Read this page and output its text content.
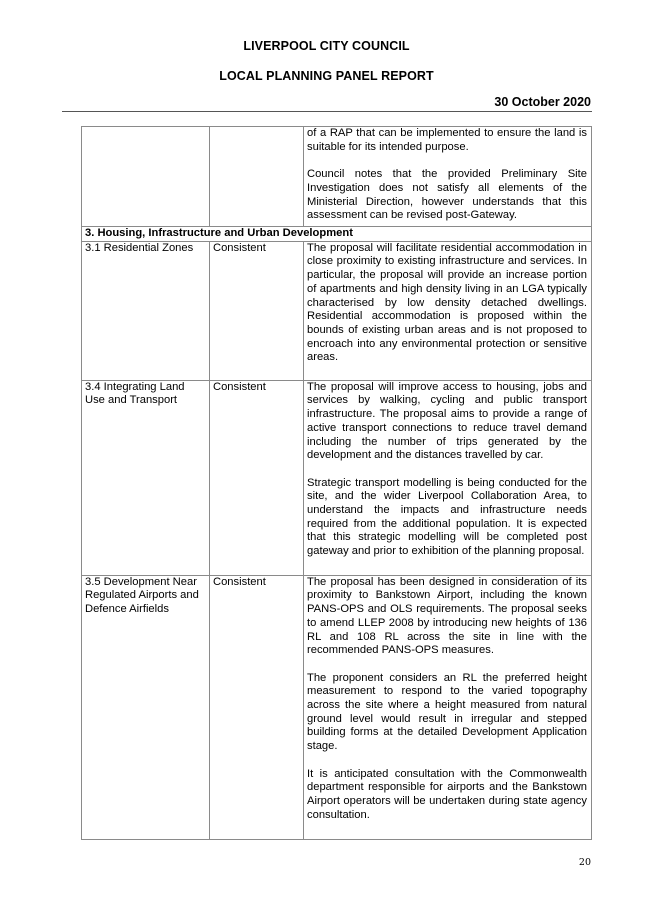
LIVERPOOL CITY COUNCIL
LOCAL PLANNING PANEL REPORT
30 October 2020

		of a RAP that can be implemented to ensure the land is suitable for its intended purpose.
Council notes that the provided Preliminary Site Investigation does not satisfy all elements of the Ministerial Direction, however understands that this assessment can be revised post-Gateway.

3. Housing, Infrastructure and Urban Development		
3.1 Residential Zones	Consistent	The proposal will facilitate residential accommodation in close proximity to existing infrastructure and services. In particular, the proposal will provide an increase portion of apartments and high density living in an LGA typically characterised by low density detached dwellings. Residential accommodation is proposed within the bounds of existing urban areas and is not proposed to encroach into any environmental protection or sensitive areas.

3.4 Integrating Land Use and Transport	Consistent	The proposal will improve access to housing, jobs and services by walking, cycling and public transport infrastructure. The proposal aims to provide a range of active transport connections to reduce travel demand including the number of trips generated by the development and the distances travelled by car.
Strategic transport modelling is being conducted for the site, and the wider Liverpool Collaboration Area, to understand the impacts and infrastructure needs required from the additional population. It is expected that this strategic modelling will be completed post gateway and prior to exhibition of the planning proposal.

3.5 Development Near Regulated Airports and Defence Airfields	Consistent	The proposal has been designed in consideration of its proximity to Bankstown Airport, including the known PANS-OPS and OLS requirements. The proposal seeks to amend LLEP 2008 by introducing new heights of 136 RL and 108 RL across the site in line with the recommended PANS-OPS measures.
The proponent considers an RL the preferred height measurement to respond to the varied topography across the site where a height measured from natural ground level would result in irregular and stepped building forms at the detailed Development Application stage.
It is anticipated consultation with the Commonwealth department responsible for airports and the Bankstown Airport operators will be undertaken during state agency consultation.
20
